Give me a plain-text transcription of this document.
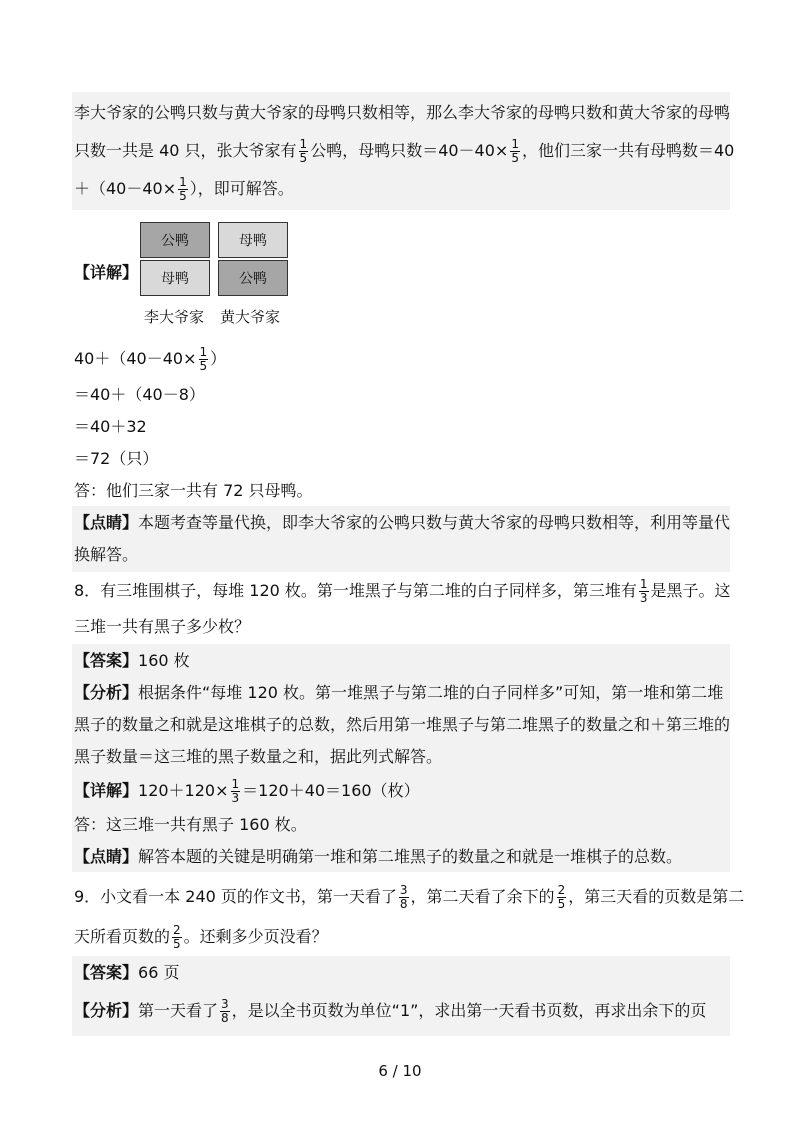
李大爷家的公鸭只数与黄大爷家的母鸭只数相等，那么李大爷家的母鸭只数和黄大爷家的母鸭
只数一共是 40 只，张大爷家有 $\frac{1}{5}$ 公鸭，母鸭只数$=40-40\times \frac{1}{5}$ ，他们三家一共有母鸭数＝40
$+(40-40\times \frac{1}{5}$ ），即可解答。
【详解】
公鸭
母鸭
母鸭
公鸭
李大爷家 黄大爷家
$40+(40-40\times \frac{1}{5}$ ）
＝40＋（40－8）
＝40＋32
＝72（只）
答：他们三家一共有 72 只母鸭。
【点睛】本题考查等量代换，即李大爷家的公鸭只数与黄大爷家的母鸭只数相等，利用等量代
换解答。
8．有三堆围棋子，每堆 120 枚。第一堆黑子与第二堆的白子同样多，第三堆有 $\frac{1}{3}$ 是黑子。这
三堆一共有黑子多少枚？
【答案】160 枚
【分析】根据条件“每堆 120 枚。第一堆黑子与第二堆的白子同样多”可知，第一堆和第二堆
黑子的数量之和就是这堆棋子的总数，然后用第一堆黑子与第二堆黑子的数量之和＋第三堆的
黑子数量＝这三堆的黑子数量之和，据此列式解答。
【详解】$120+120\times \frac{1}{3} =120+40=160$（枚）
答：这三堆一共有黑子 160 枚。
【点睛】解答本题的关键是明确第一堆和第二堆黑子的数量之和就是一堆棋子的总数。
9．小文看一本 240 页的作文书，第一天看了 $\frac{3}{8}$ ，第二天看了余下的 $\frac{2}{5}$ ，第三天看的页数是第二
天所看页数的 $\frac{2}{5}$ 。还剩多少页没看？
【答案】66 页
【分析】第一天看了 $\frac{3}{8}$ ，是以全书页数为单位“1”，求出第一天看书页数，再求出余下的页
6 / 10
